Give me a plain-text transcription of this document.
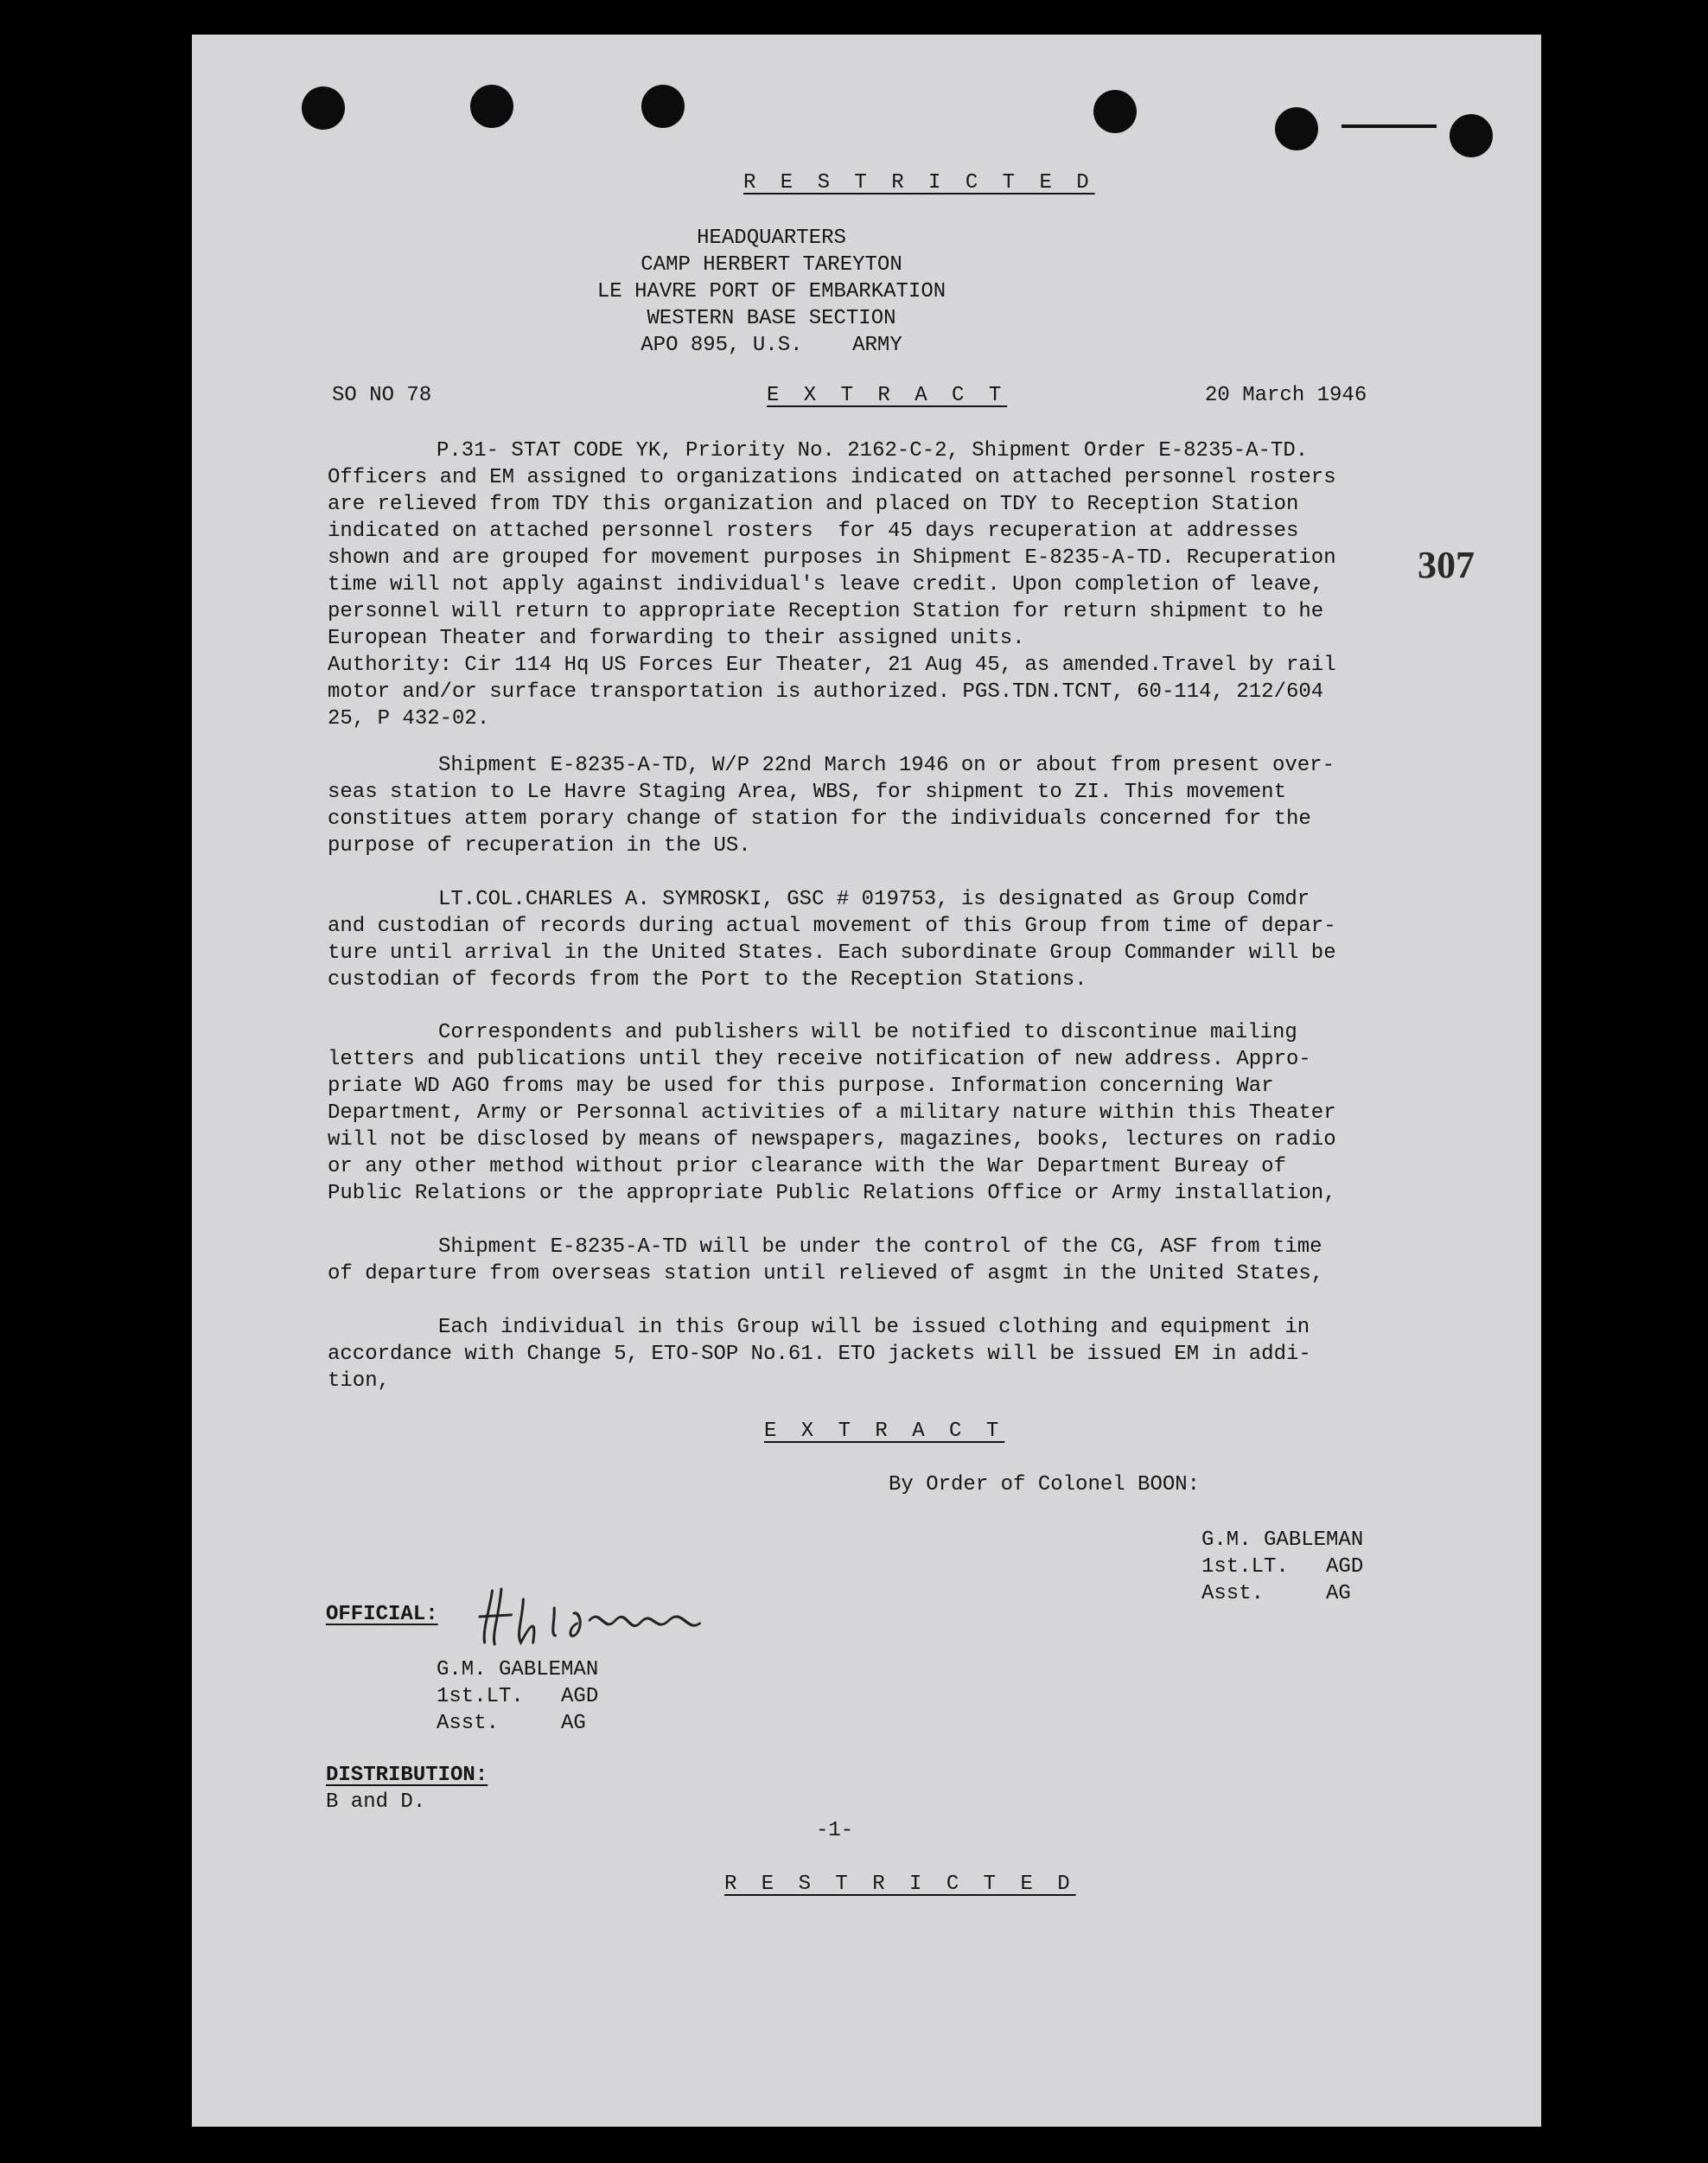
R E S T R I C T E D
HEADQUARTERS
CAMP HERBERT TAREYTON
LE HAVRE PORT OF EMBARKATION
WESTERN BASE SECTION
APO 895, U.S.    ARMY
SO NO 78	E X T R A C T	20 March 1946
307
P.31- STAT CODE YK, Priority No. 2162-C-2, Shipment Order E-8235-A-TD.
Officers and EM assigned to organizations indicated on attached personnel rosters
are relieved from TDY this organization and placed on TDY to Reception Station
indicated on attached personnel rosters  for 45 days recuperation at addresses
shown and are grouped for movement purposes in Shipment E-8235-A-TD. Recuperation
time will not apply against individual's leave credit. Upon completion of leave,
personnel will return to appropriate Reception Station for return shipment to he
European Theater and forwarding to their assigned units.
Authority: Cir 114 Hq US Forces Eur Theater, 21 Aug 45, as amended.Travel by rail
motor and/or surface transportation is authorized. PGS.TDN.TCNT, 60-114, 212/604
25, P 432-02.
Shipment E-8235-A-TD, W/P 22nd March 1946 on or about from present over-
seas station to Le Havre Staging Area, WBS, for shipment to ZI. This movement
constitues attem porary change of station for the individuals concerned for the
purpose of recuperation in the US.
LT.COL.CHARLES A. SYMROSKI, GSC # 019753, is designated as Group Comdr
and custodian of records during actual movement of this Group from time of depar-
ture until arrival in the United States. Each subordinate Group Commander will be
custodian of fecords from the Port to the Reception Stations.
Correspondents and publishers will be notified to discontinue mailing
letters and publications until they receive notification of new address. Appro-
priate WD AGO froms may be used for this purpose. Information concerning War
Department, Army or Personnal activities of a military nature within this Theater
will not be disclosed by means of newspapers, magazines, books, lectures on radio
or any other method without prior clearance with the War Department Bureay of
Public Relations or the appropriate Public Relations Office or Army installation,
Shipment E-8235-A-TD will be under the control of the CG, ASF from time
of departure from overseas station until relieved of asgmt in the United States,
Each individual in this Group will be issued clothing and equipment in
accordance with Change 5, ETO-SOP No.61. ETO jackets will be issued EM in addi-
tion,
E X T R A C T
By Order of Colonel BOON:
G.M. GABLEMAN
1st.LT.   AGD
Asst.     AG
OFFICIAL:
G.M. GABLEMAN
1st.LT.   AGD
Asst.     AG
DISTRIBUTION:
B and D.
-1-
R E S T R I C T E D
